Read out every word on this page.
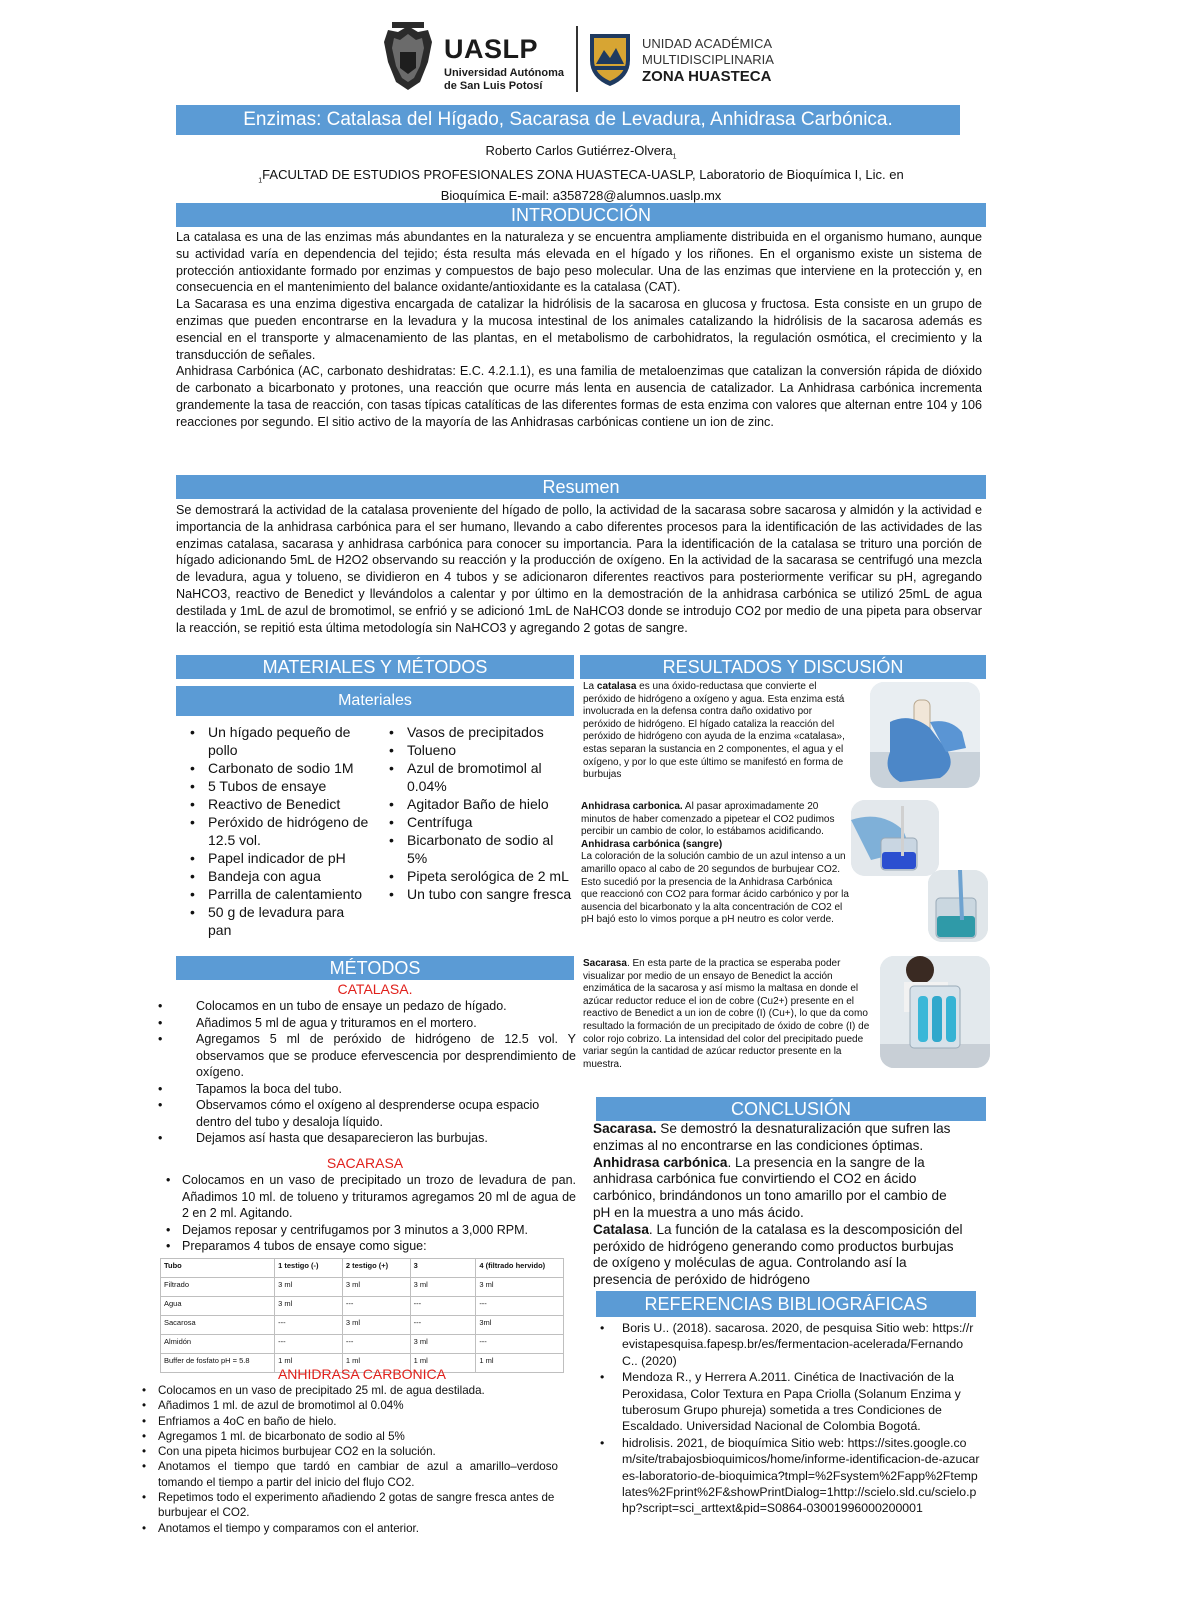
UASLP
Universidad Autónoma
de San Luis Potosí
UNIDAD ACADÉMICA
MULTIDISCIPLINARIA
ZONA HUASTECA
Enzimas: Catalasa del Hígado, Sacarasa de Levadura, Anhidrasa Carbónica.
Roberto Carlos Gutiérrez-Olvera$_1$
$_1$FACULTAD DE ESTUDIOS PROFESIONALES ZONA HUASTECA-UASLP, Laboratorio de Bioquímica I, Lic. en
Bioquímica E-mail: a358728@alumnos.uaslp.mx
INTRODUCCIÓN

La catalasa es una de las enzimas más abundantes en la naturaleza y se encuentra ampliamente distribuida en el organismo humano, aunque su actividad varía en dependencia del tejido; ésta resulta más elevada en el hígado y los riñones. En el organismo existe un sistema de protección antioxidante formado por enzimas y compuestos de bajo peso molecular. Una de las enzimas que interviene en la protección y, en consecuencia en el mantenimiento del balance oxidante/antioxidante es la catalasa (CAT).

La Sacarasa es una enzima digestiva encargada de catalizar la hidrólisis de la sacarosa en glucosa y fructosa. Esta consiste en un grupo de enzimas que pueden encontrarse en la levadura y la mucosa intestinal de los animales catalizando la hidrólisis de la sacarosa además es esencial en el transporte y almacenamiento de las plantas, en el metabolismo de carbohidratos, la regulación osmótica, el crecimiento y la transducción de señales.

Anhidrasa Carbónica (AC, carbonato deshidratas: E.C. 4.2.1.1), es una familia de metaloenzimas que catalizan la conversión rápida de dióxido de carbonato a bicarbonato y protones, una reacción que ocurre más lenta en ausencia de catalizador. La Anhidrasa carbónica incrementa grandemente la tasa de reacción, con tasas típicas catalíticas de las diferentes formas de esta enzima con valores que alternan entre 104 y 106 reacciones por segundo. El sitio activo de la mayoría de las Anhidrasas carbónicas contiene un ion de zinc.

Resumen

Se demostrará la actividad de la catalasa proveniente del hígado de pollo, la actividad de la sacarasa sobre sacarosa y almidón y la actividad e importancia de la anhidrasa carbónica para el ser humano, llevando a cabo diferentes procesos para la identificación de las actividades de las enzimas catalasa, sacarasa y anhidrasa carbónica para conocer su importancia. Para la identificación de la catalasa se trituro una porción de hígado adicionando 5mL de H2O2 observando su reacción y la producción de oxígeno. En la actividad de la sacarasa se centrifugó una mezcla de levadura, agua y tolueno, se dividieron en 4 tubos y se adicionaron diferentes reactivos para posteriormente verificar su pH, agregando NaHCO3, reactivo de Benedict y llevándolos a calentar y por último en la demostración de la anhidrasa carbónica se utilizó 25mL de agua destilada y 1mL de azul de bromotimol, se enfrió y se adicionó 1mL de NaHCO3 donde se introdujo CO2 por medio de una pipeta para observar la reacción, se repitió esta última metodología sin NaHCO3 y agregando 2 gotas de sangre.

MATERIALES Y MÉTODOS
Materiales
• Un hígado pequeño de pollo
• Carbonato de sodio 1M
• 5 Tubos de ensaye
• Reactivo de Benedict
• Peróxido de hidrógeno de 12.5 vol.
• Papel indicador de pH
• Bandeja con agua
• Parrilla de calentamiento
• 50 g de levadura para pan
• Vasos de precipitados
• Tolueno
• Azul de bromotimol al 0.04%
• Agitador Baño de hielo
• Centrífuga
• Bicarbonato de sodio al 5%
• Pipeta serológica de 2 mL
• Un tubo con sangre fresca
MÉTODOS
CATALASA.
•	Colocamos en un tubo de ensaye un pedazo de hígado.
•	Añadimos 5 ml de agua y trituramos en el mortero.
•	Agregamos 5 ml de peróxido de hidrógeno de 12.5 vol. Y observamos que se produce efervescencia por desprendimiento de oxígeno.
•	Tapamos la boca del tubo.
•	Observamos cómo el oxígeno al desprenderse ocupa espacio dentro del tubo y desaloja líquido.
•	Dejamos así hasta que desaparecieron las burbujas.
SACARASA
• Colocamos en un vaso de precipitado un trozo de levadura de pan. Añadimos 10 ml. de tolueno y trituramos agregamos 20 ml de agua de 2 en 2 ml. Agitando.
• Dejamos reposar y centrifugamos por 3 minutos a 3,000 RPM.
• Preparamos 4 tubos de ensaye como sigue:
Tubo	1 testigo (-)	2 testigo (+)	3	4 (filtrado hervido)
Filtrado	3 ml	3 ml	3 ml	3 ml
Agua	3 ml	---	---	---
Sacarosa	---	3 ml	---	3ml
Almidón	---	---	3 ml	---
Buffer de fosfato pH = 5.8	1 ml	1 ml	1 ml	1 ml
ANHIDRASA CARBONICA
• Colocamos en un vaso de precipitado 25 ml. de agua destilada.
• Añadimos 1 ml. de azul de bromotimol al 0.04%
• Enfriamos a 4oC en baño de hielo.
• Agregamos 1 ml. de bicarbonato de sodio al 5%
• Con una pipeta hicimos burbujear CO2 en la solución.
• Anotamos el tiempo que tardó en cambiar de azul a amarillo–verdoso tomando el tiempo a partir del inicio del flujo CO2.
• Repetimos todo el experimento añadiendo 2 gotas de sangre fresca antes de burbujear el CO2.
• Anotamos el tiempo y comparamos con el anterior.
RESULTADOS Y DISCUSIÓN
La catalasa es una óxido-reductasa que convierte el peróxido de hidrógeno a oxígeno y agua. Esta enzima está involucrada en la defensa contra daño oxidativo por peróxido de hidrógeno. El hígado cataliza la reacción del peróxido de hidrógeno con ayuda de la enzima «catalasa», estas separan la sustancia en 2 componentes, el agua y el oxígeno, y por lo que este último se manifestó en forma de burbujas
Anhidrasa carbonica. Al pasar aproximadamente 20 minutos de haber comenzado a pipetear el CO2 pudimos percibir un cambio de color, lo estábamos acidificando.
Anhidrasa carbónica (sangre)
La coloración de la solución cambio de un azul intenso a un amarillo opaco al cabo de 20 segundos de burbujear CO2. Esto sucedió por la presencia de la Anhidrasa Carbónica que reaccionó con CO2 para formar ácido carbónico y por la ausencia del bicarbonato y la alta concentración de CO2 el pH bajó esto lo vimos porque a pH neutro es color verde.
Sacarasa. En esta parte de la practica se esperaba poder visualizar por medio de un ensayo de Benedict la acción enzimática de la sacarosa y así mismo la maltasa en donde el azúcar reductor reduce el ion de cobre (Cu2+) presente en el reactivo de Benedict a un ion de cobre (I) (Cu+), lo que da como resultado la formación de un precipitado de óxido de cobre (I) de color rojo cobrizo. La intensidad del color del precipitado puede variar según la cantidad de azúcar reductor presente en la muestra.
CONCLUSIÓN

Sacarasa. Se demostró la desnaturalización que sufren las enzimas al no encontrarse en las condiciones óptimas.

Anhidrasa carbónica. La presencia en la sangre de la anhidrasa carbónica fue convirtiendo el CO2 en ácido carbónico, brindándonos un tono amarillo por el cambio de pH en la muestra a uno más ácido.

Catalasa. La función de la catalasa es la descomposición del peróxido de hidrógeno generando como productos burbujas de oxígeno y moléculas de agua. Controlando así la presencia de peróxido de hidrógeno

REFERENCIAS BIBLIOGRÁFICAS
• Boris U.. (2018). sacarosa. 2020, de pesquisa Sitio web: https://revistapesquisa.fapesp.br/es/fermentacion-acelerada/Fernando C.. (2020)
• Mendoza R., y Herrera A.2011. Cinética de Inactivación de la Peroxidasa, Color Textura en Papa Criolla (Solanum Enzima y tuberosum Grupo phureja) sometida a tres Condiciones de Escaldado. Universidad Nacional de Colombia Bogotá.
• hidrolisis. 2021, de bioquímica Sitio web: https://sites.google.com/site/trabajosbioquimicos/home/informe-identificacion-de-azucares-laboratorio-de-bioquimica?tmpl=%2Fsystem%2Fapp%2Ftemplates%2Fprint%2F&showPrintDialog=1http://scielo.sld.cu/scielo.php?script=sci_arttext&pid=S0864-03001996000200001
